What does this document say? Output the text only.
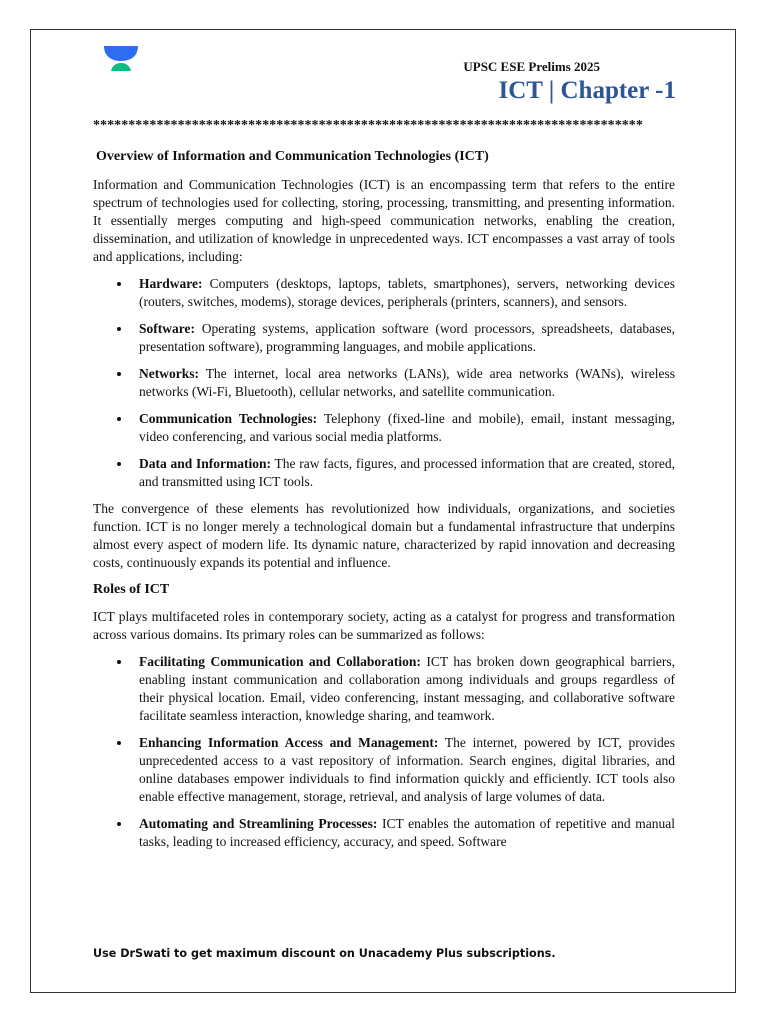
UPSC ESE Prelims 2025
ICT | Chapter -1
******************************************************************************
Overview of Information and Communication Technologies (ICT)

Information and Communication Technologies (ICT) is an encompassing term that refers to the entire spectrum of technologies used for collecting, storing, processing, transmitting, and presenting information. It essentially merges computing and high-speed communication networks, enabling the creation, dissemination, and utilization of knowledge in unprecedented ways. ICT encompasses a vast array of tools and applications, including:

Hardware: Computers (desktops, laptops, tablets, smartphones), servers, networking devices (routers, switches, modems), storage devices, peripherals (printers, scanners), and sensors.
Software: Operating systems, application software (word processors, spreadsheets, databases, presentation software), programming languages, and mobile applications.
Networks: The internet, local area networks (LANs), wide area networks (WANs), wireless networks (Wi-Fi, Bluetooth), cellular networks, and satellite communication.
Communication Technologies: Telephony (fixed-line and mobile), email, instant messaging, video conferencing, and various social media platforms.
Data and Information: The raw facts, figures, and processed information that are created, stored, and transmitted using ICT tools.

The convergence of these elements has revolutionized how individuals, organizations, and societies function. ICT is no longer merely a technological domain but a fundamental infrastructure that underpins almost every aspect of modern life. Its dynamic nature, characterized by rapid innovation and decreasing costs, continuously expands its potential and influence.

Roles of ICT

ICT plays multifaceted roles in contemporary society, acting as a catalyst for progress and transformation across various domains. Its primary roles can be summarized as follows:

Facilitating Communication and Collaboration: ICT has broken down geographical barriers, enabling instant communication and collaboration among individuals and groups regardless of their physical location. Email, video conferencing, instant messaging, and collaborative software facilitate seamless interaction, knowledge sharing, and teamwork.
Enhancing Information Access and Management: The internet, powered by ICT, provides unprecedented access to a vast repository of information. Search engines, digital libraries, and online databases empower individuals to find information quickly and efficiently. ICT tools also enable effective management, storage, retrieval, and analysis of large volumes of data.
Automating and Streamlining Processes: ICT enables the automation of repetitive and manual tasks, leading to increased efficiency, accuracy, and speed. Software
Use DrSwati to get maximum discount on Unacademy Plus subscriptions.
